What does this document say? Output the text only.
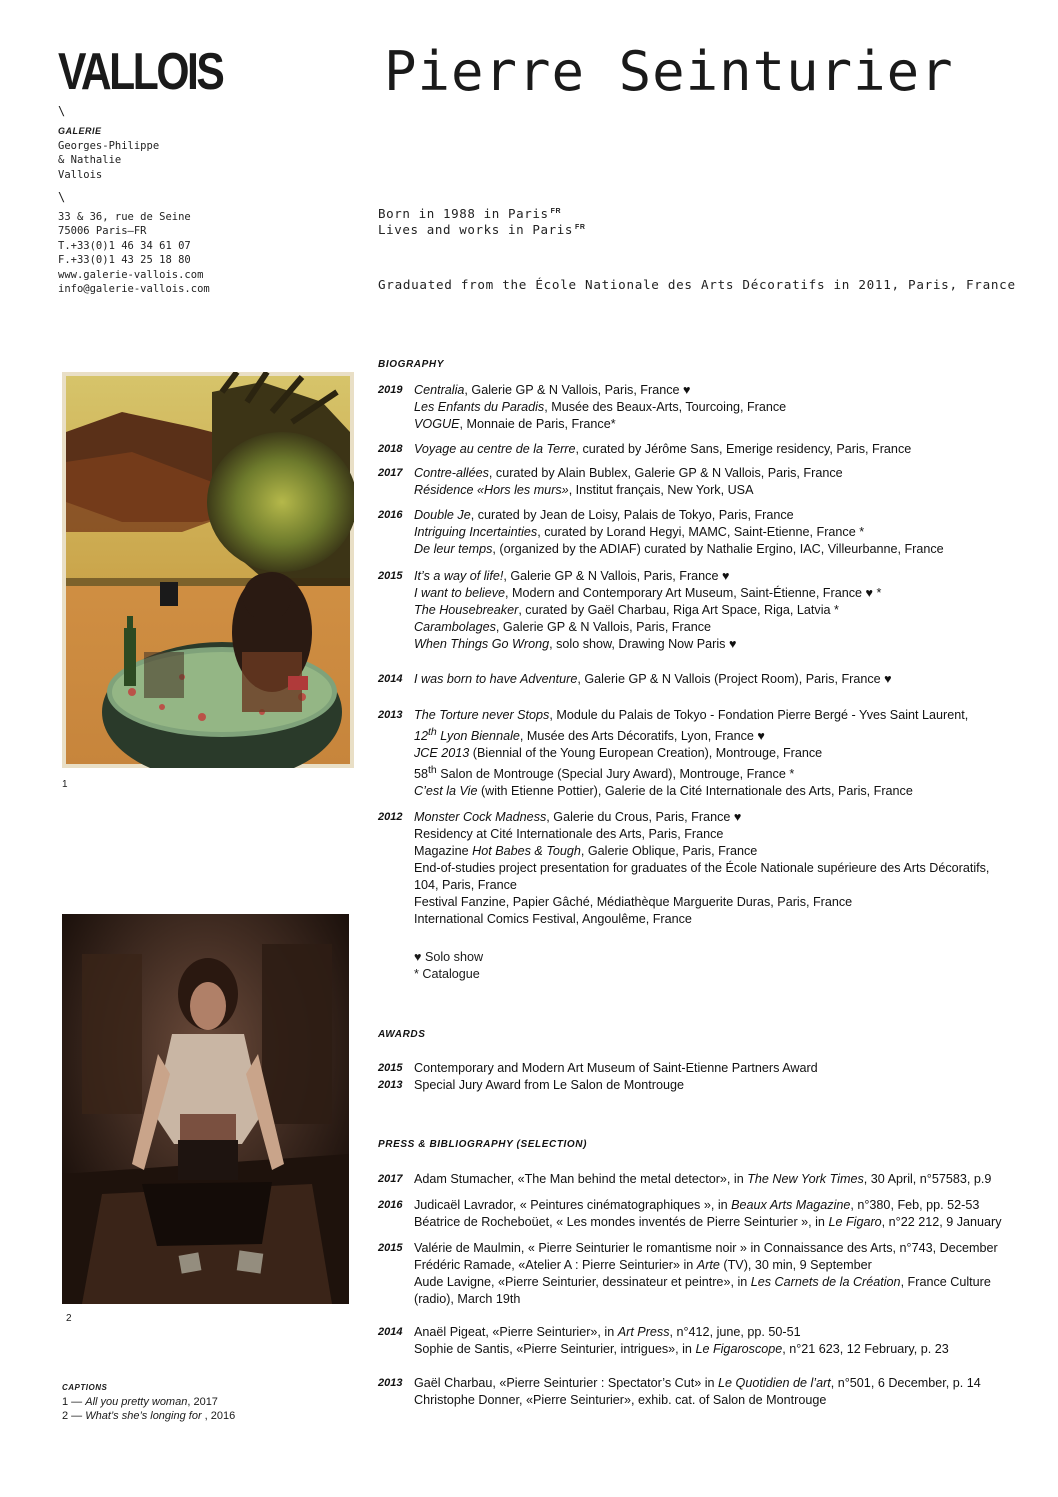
VALLOIS	Pierre Seinturier
\
GALERIE
Georges-Philippe
& Nathalie
Vallois
\
33 & 36, rue de Seine
75006 Paris—FR
T.+33(0)1 46 34 61 07
F.+33(0)1 43 25 18 80
www.galerie-vallois.com
info@galerie-vallois.com
Born in 1988 in Paris $^{FR}$
Lives and works in Paris $^{FR}$
Graduated from the École Nationale des Arts Décoratifs in 2011, Paris, France
1
2
CAPTIONS
1 — All you pretty woman, 2017
2 — What’s she’s longing for , 2016
BIOGRAPHY
2019 Centralia, Galerie GP & N Vallois, Paris, France ♥
Les Enfants du Paradis, Musée des Beaux-Arts, Tourcoing, France
VOGUE, Monnaie de Paris, France*
2018 Voyage au centre de la Terre, curated by Jérôme Sans, Emerige residency, Paris, France
2017 Contre-allées, curated by Alain Bublex, Galerie GP & N Vallois, Paris, France
Résidence «Hors les murs», Institut français, New York, USA
2016 Double Je, curated by Jean de Loisy, Palais de Tokyo, Paris, France
Intriguing Incertainties, curated by Lorand Hegyi, MAMC, Saint-Etienne, France *
De leur temps, (organized by the ADIAF) curated by Nathalie Ergino, IAC, Villeurbanne, France
2015 It’s a way of life!, Galerie GP & N Vallois, Paris, France ♥
I want to believe, Modern and Contemporary Art Museum, Saint-Étienne, France ♥ *
The Housebreaker, curated by Gaël Charbau, Riga Art Space, Riga, Latvia *
Carambolages, Galerie GP & N Vallois, Paris, France
When Things Go Wrong, solo show, Drawing Now Paris ♥
2014 I was born to have Adventure, Galerie GP & N Vallois (Project Room), Paris, France ♥
2013 The Torture never Stops, Module du Palais de Tokyo - Fondation Pierre Bergé - Yves Saint Laurent,
12th Lyon Biennale, Musée des Arts Décoratifs, Lyon, France ♥
JCE 2013 (Biennial of the Young European Creation), Montrouge, France
58th Salon de Montrouge (Special Jury Award), Montrouge, France *
C’est la Vie (with Etienne Pottier), Galerie de la Cité Internationale des Arts, Paris, France
2012 Monster Cock Madness, Galerie du Crous, Paris, France ♥
Residency at Cité Internationale des Arts, Paris, France
Magazine Hot Babes & Tough, Galerie Oblique, Paris, France
End-of-studies project presentation for graduates of the École Nationale supérieure des Arts Décoratifs,
104, Paris, France
Festival Fanzine, Papier Gâché, Médiathèque Marguerite Duras, Paris, France
International Comics Festival, Angoulême, France
♥ Solo show
* Catalogue
AWARDS
2015 Contemporary and Modern Art Museum of Saint-Etienne Partners Award
2013 Special Jury Award from Le Salon de Montrouge
PRESS & BIBLIOGRAPHY (SELECTION)
2017 Adam Stumacher, «The Man behind the metal detector», in The New York Times, 30 April, n°57583, p.9
2016 Judicaël Lavrador, « Peintures cinématographiques », in Beaux Arts Magazine, n°380, Feb, pp. 52-53
Béatrice de Rocheboüet, « Les mondes inventés de Pierre Seinturier », in Le Figaro, n°22 212, 9 January
2015 Valérie de Maulmin, « Pierre Seinturier le romantisme noir » in Connaissance des Arts, n°743, December
Frédéric Ramade, «Atelier A : Pierre Seinturier» in Arte (TV), 30 min, 9 September
Aude Lavigne, «Pierre Seinturier, dessinateur et peintre», in Les Carnets de la Création, France Culture
(radio), March 19th
2014 Anaël Pigeat, «Pierre Seinturier», in Art Press, n°412, june, pp. 50-51
Sophie de Santis, «Pierre Seinturier, intrigues», in Le Figaroscope, n°21 623, 12 February, p. 23
2013 Gaël Charbau, «Pierre Seinturier : Spectator’s Cut» in Le Quotidien de l’art, n°501, 6 December, p. 14
Christophe Donner, «Pierre Seinturier», exhib. cat. of Salon de Montrouge
